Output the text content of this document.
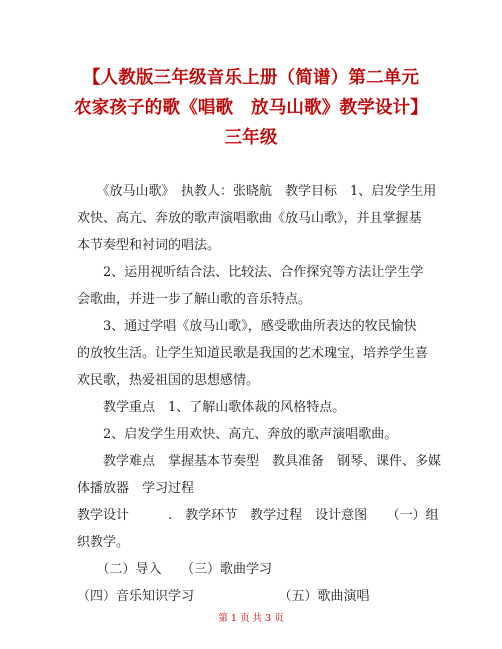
【人教版三年级音乐上册（简谱）第二单元
农家孩子的歌《唱歌　放马山歌》教学设计】
三年级
　　《放马山歌》　执教人：张晓航　教学目标　1、启发学生用
欢快、高亢、奔放的歌声演唱歌曲《放马山歌》，并且掌握基
本节奏型和衬词的唱法。
　　2、运用视听结合法、比较法、合作探究等方法让学生学
会歌曲，并进一步了解山歌的音乐特点。
　　3、通过学唱《放马山歌》，感受歌曲所表达的牧民愉快
的放牧生活。让学生知道民歌是我国的艺术瑰宝，培养学生喜
欢民歌，热爱祖国的思想感情。
　　教学重点　1、了解山歌体裁的风格特点。
　　2、启发学生用欢快、高亢、奔放的歌声演唱歌曲。
　　教学难点　掌握基本节奏型　教具准备　钢琴、课件、多媒
体播放器　学习过程
教学设计　　　.　教学环节　教学过程　设计意图　　（一）组
织教学。
　　（二）导入　　（三）歌曲学习
（四）音乐知识学习　　　　　　　（五）歌曲演唱
第 1 页 共 3 页
